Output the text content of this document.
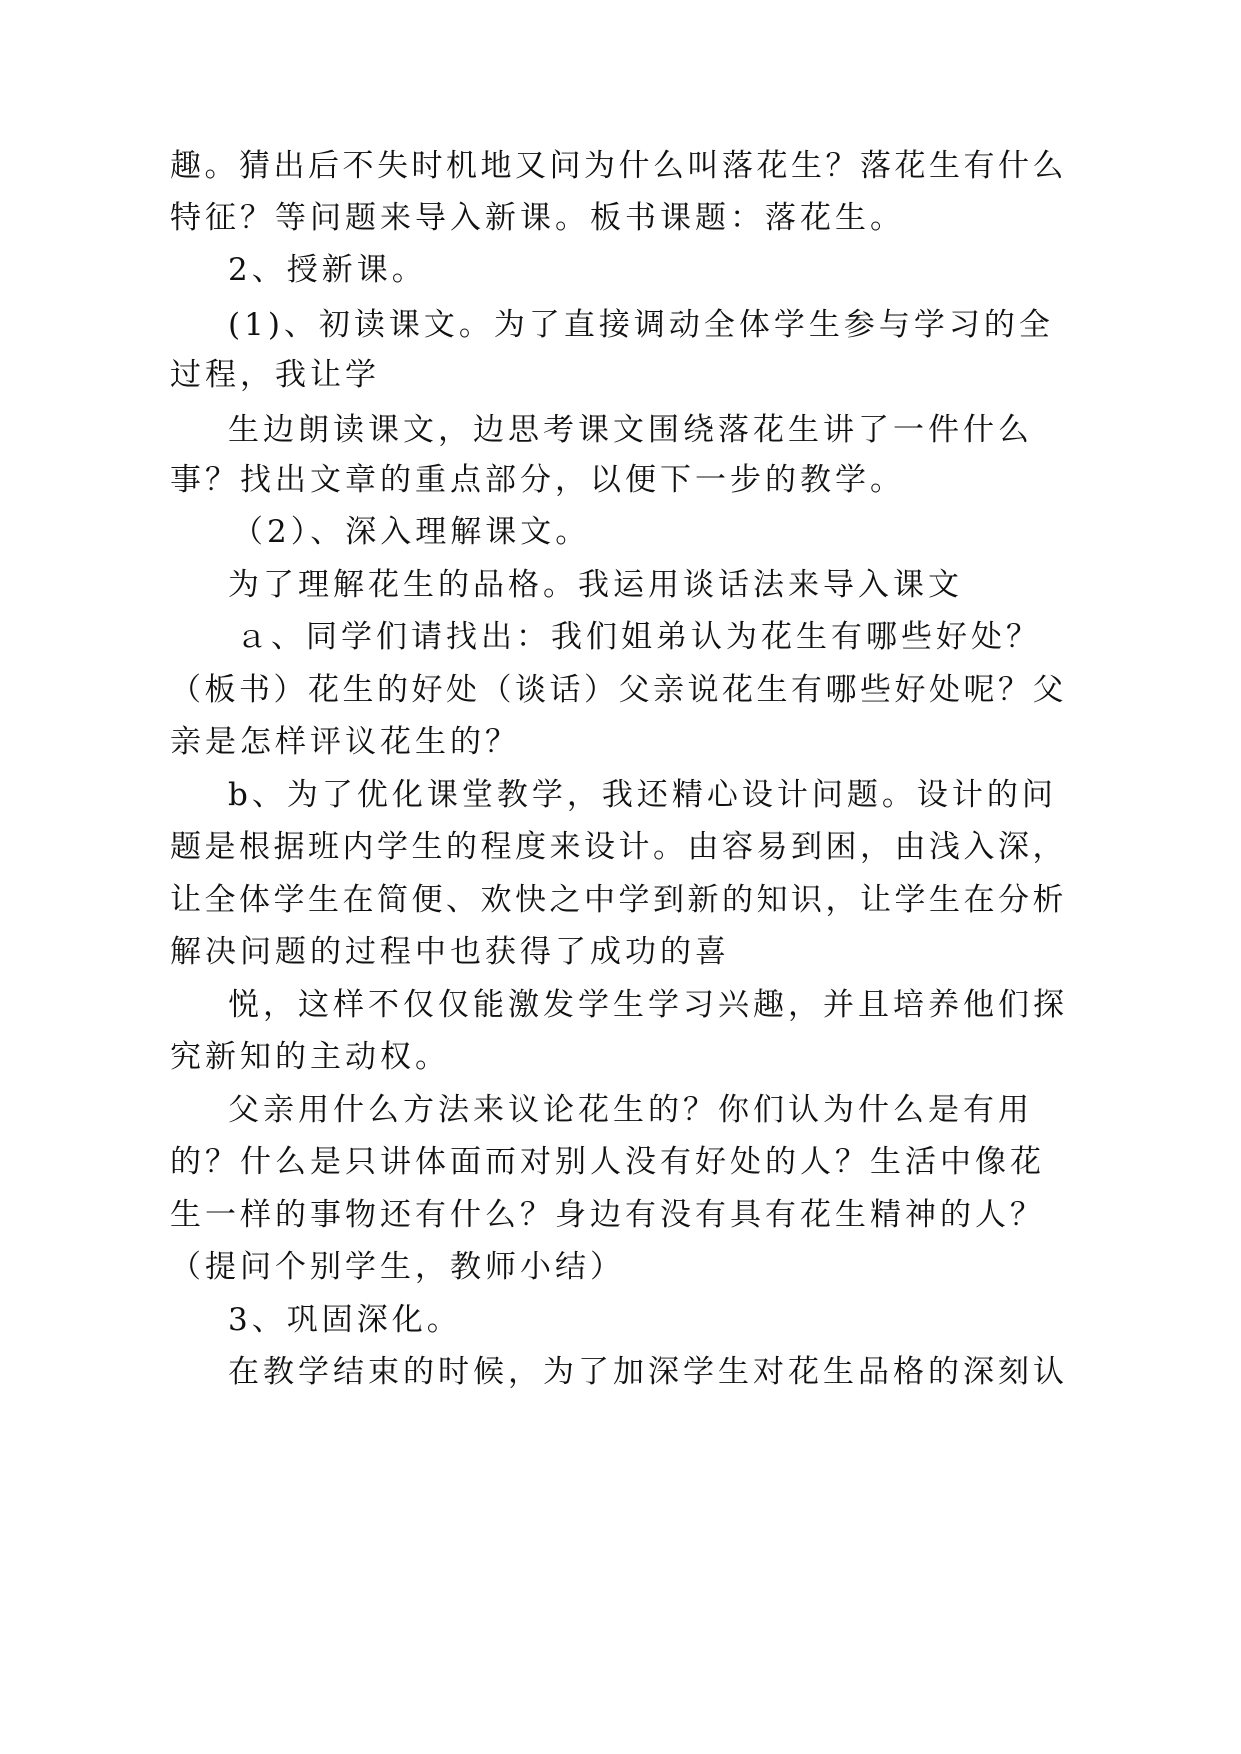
趣。猜出后不失时机地又问为什么叫落花生？落花生有什么
特征？等问题来导入新课。板书课题：落花生。
2、授新课。
(1)、初读课文。为了直接调动全体学生参与学习的全
过程，我让学
生边朗读课文，边思考课文围绕落花生讲了一件什么
事？找出文章的重点部分，以便下一步的教学。
（2）、深入理解课文。
为了理解花生的品格。我运用谈话法来导入课文
ａ、同学们请找出：我们姐弟认为花生有哪些好处？
（板书）花生的好处（谈话）父亲说花生有哪些好处呢？父
亲是怎样评议花生的？
b、为了优化课堂教学，我还精心设计问题。设计的问
题是根据班内学生的程度来设计。由容易到困，由浅入深，
让全体学生在简便、欢快之中学到新的知识，让学生在分析
解决问题的过程中也获得了成功的喜
悦，这样不仅仅能激发学生学习兴趣，并且培养他们探
究新知的主动权。
父亲用什么方法来议论花生的？你们认为什么是有用
的？什么是只讲体面而对别人没有好处的人？生活中像花
生一样的事物还有什么？身边有没有具有花生精神的人？
（提问个别学生，教师小结）
3、巩固深化。
在教学结束的时候，为了加深学生对花生品格的深刻认
